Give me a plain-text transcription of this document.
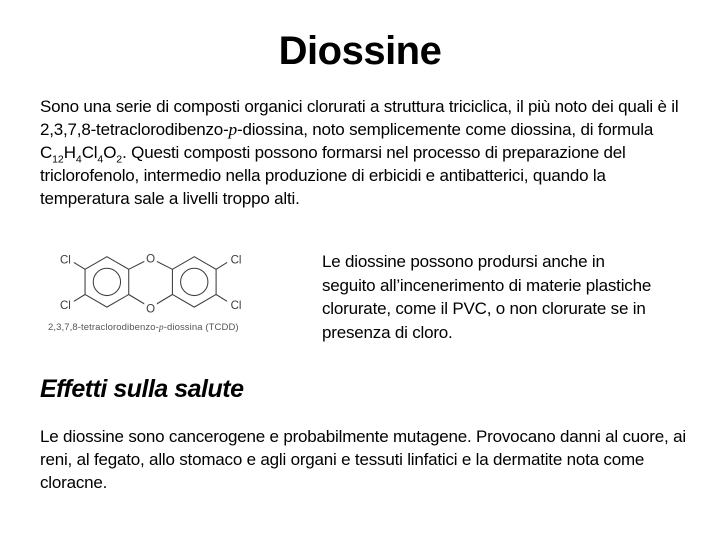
Diossine
Sono una serie di composti organici clorurati a struttura triciclica, il più noto dei quali è il 2,3,7,8-tetraclorodibenzo-p-diossina, noto semplicemente come diossina, di formula $C_{12}H_4Cl_4O_2$. Questi composti possono formarsi nel processo di preparazione del triclorofenolo, intermedio nella produzione di erbicidi e antibatterici, quando la temperatura sale a livelli troppo alti.
O
O
Cl
Cl
Cl
Cl
2,3,7,8-tetraclorodibenzo-p-diossina (TCDD)
Le diossine possono prodursi anche in seguito all’incenerimento di materie plastiche clorurate, come il PVC, o non clorurate se in presenza di cloro.
Effetti sulla salute
Le diossine sono cancerogene e probabilmente mutagene. Provocano danni al cuore, ai reni, al fegato, allo stomaco e agli organi e tessuti linfatici e la dermatite nota come cloracne.
